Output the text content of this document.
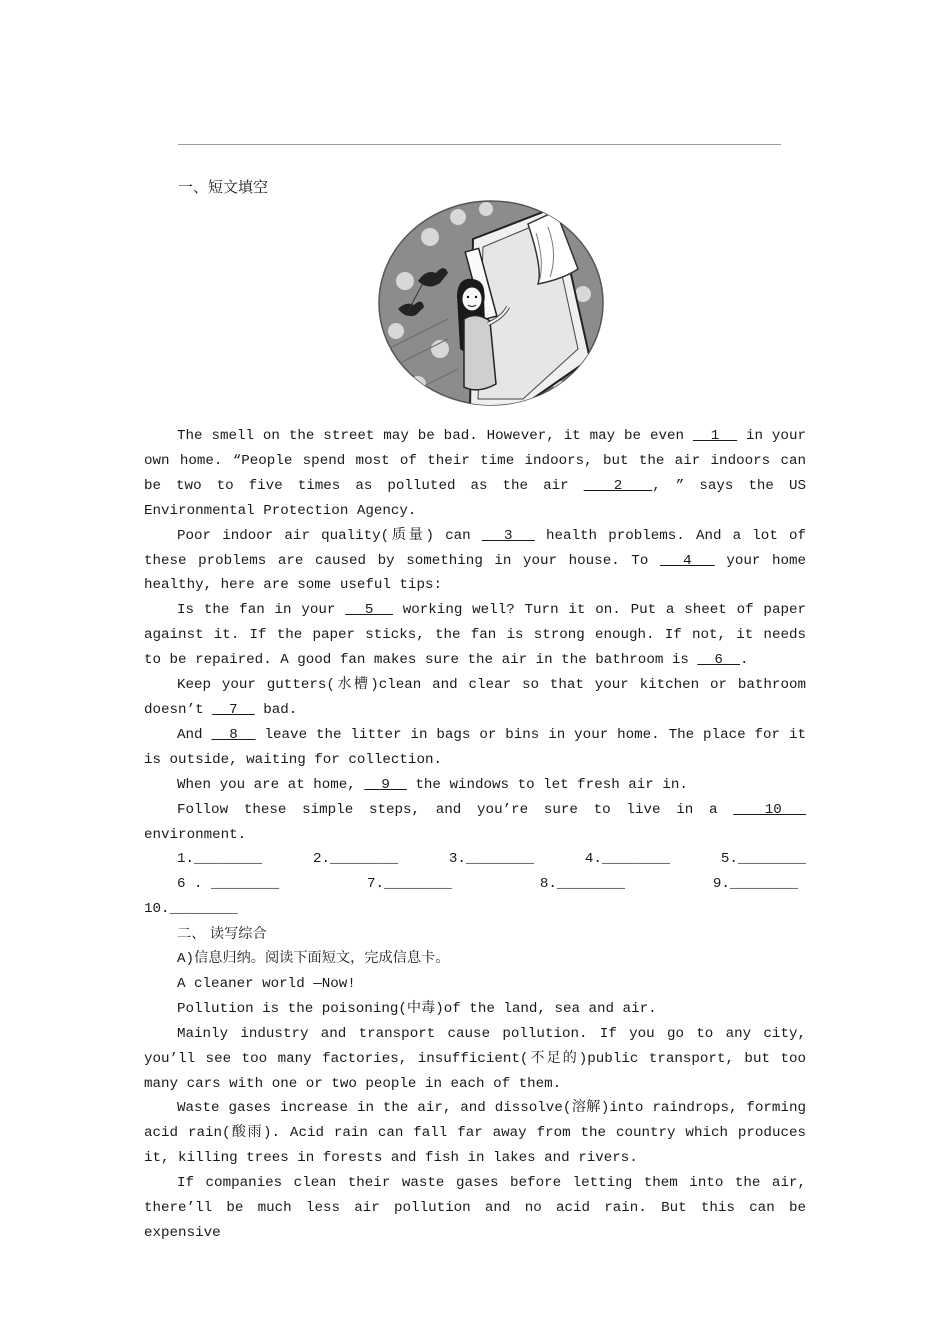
一、短文填空

The smell on the street may be bad. However, it may be even   1   in your own home. “People spend most of their time indoors, but the air indoors can be two to five times as polluted as the air   2  , ” says the US Environmental Protection Agency.

Poor indoor air quality(质量) can   3   health problems. And a lot of these problems are caused by something in your house. To   4   your home healthy, here are some useful tips:

Is the fan in your   5   working well? Turn it on. Put a sheet of paper against it. If the paper sticks, the fan is strong enough. If not, it needs to be repaired. A good fan makes sure the air in the bathroom is   6  .

Keep your gutters(水槽)clean and clear so that your kitchen or bathroom doesn’t   7   bad.

And   8   leave the litter in bags or bins in your home. The place for it is outside, waiting for collection.

When you are at home,   9   the windows to let fresh air in.

Follow these simple steps, and you’re sure to live in a   10   environment.

1.________	2.________	3.________	4.________	5.________
6 . ________	7.________	8.________	9.________

10.________

二、 读写综合

A)信息归纳。阅读下面短文，完成信息卡。

A cleaner world —Now!

Pollution is the poisoning(中毒)of the land, sea and air.

Mainly industry and transport cause pollution. If you go to any city, you’ll see too many factories, insufficient(不足的)public transport, but too many cars with one or two people in each of them.

Waste gases increase in the air, and dissolve(溶解)into raindrops, forming acid rain(酸雨). Acid rain can fall far away from the country which produces it, killing trees in forests and fish in lakes and rivers.

If companies clean their waste gases before letting them into the air, there’ll be much less air pollution and no acid rain. But this can be expensive
